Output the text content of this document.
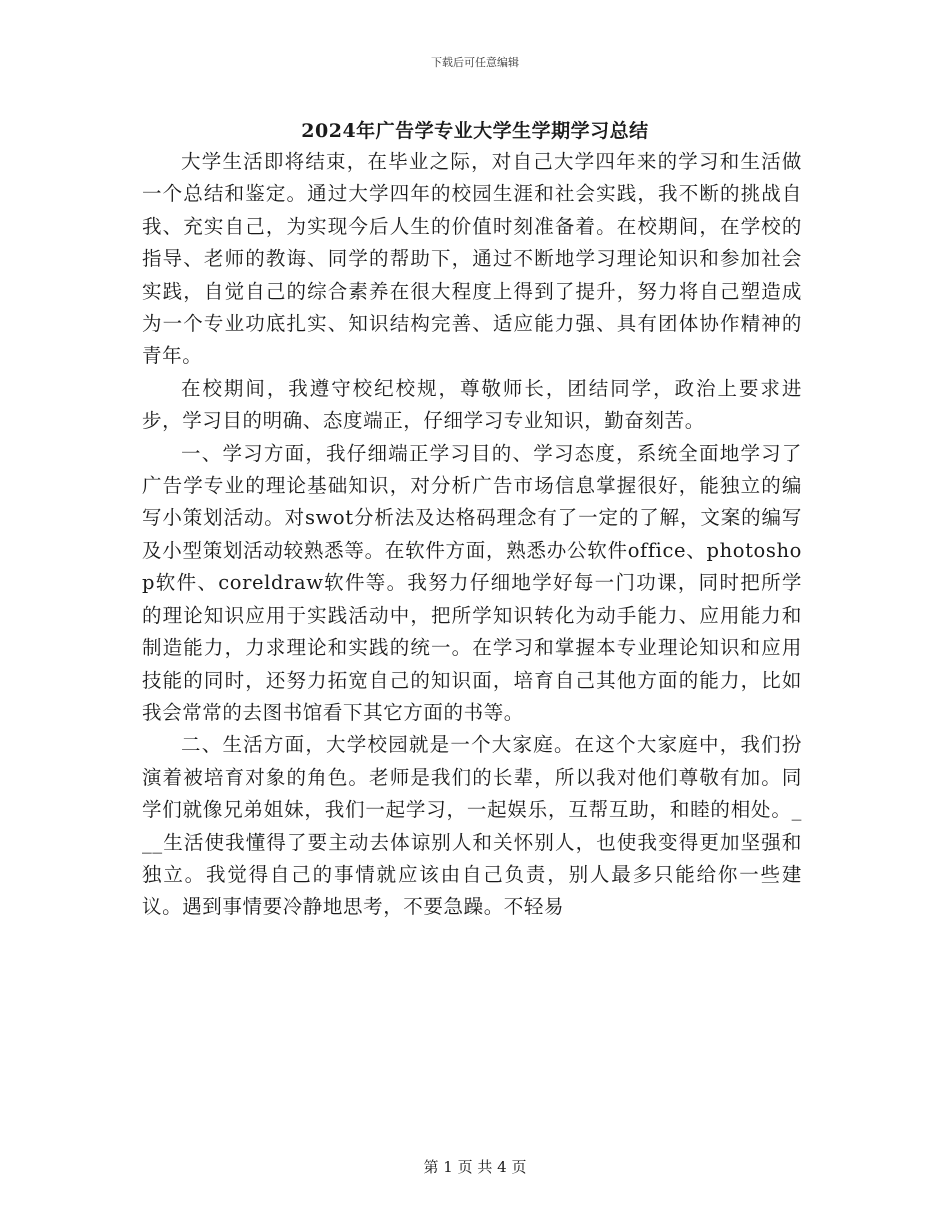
下载后可任意编辑
2024年广告学专业大学生学期学习总结

大学生活即将结束，在毕业之际，对自己大学四年来的学习和生活做一个总结和鉴定。通过大学四年的校园生涯和社会实践，我不断的挑战自我、充实自己，为实现今后人生的价值时刻准备着。在校期间，在学校的指导、老师的教诲、同学的帮助下，通过不断地学习理论知识和参加社会实践，自觉自己的综合素养在很大程度上得到了提升，努力将自己塑造成为一个专业功底扎实、知识结构完善、适应能力强、具有团体协作精神的青年。

在校期间，我遵守校纪校规，尊敬师长，团结同学，政治上要求进步，学习目的明确、态度端正，仔细学习专业知识，勤奋刻苦。

一、学习方面，我仔细端正学习目的、学习态度，系统全面地学习了广告学专业的理论基础知识，对分析广告市场信息掌握很好，能独立的编写小策划活动。对swot分析法及达格码理念有了一定的了解，文案的编写及小型策划活动较熟悉等。在软件方面，熟悉办公软件office、photoshop软件、coreldraw软件等。我努力仔细地学好每一门功课，同时把所学的理论知识应用于实践活动中，把所学知识转化为动手能力、应用能力和制造能力，力求理论和实践的统一。在学习和掌握本专业理论知识和应用技能的同时，还努力拓宽自己的知识面，培育自己其他方面的能力，比如我会常常的去图书馆看下其它方面的书等。

二、生活方面，大学校园就是一个大家庭。在这个大家庭中，我们扮演着被培育对象的角色。老师是我们的长辈，所以我对他们尊敬有加。同学们就像兄弟姐妹，我们一起学习，一起娱乐，互帮互助，和睦的相处。___生活使我懂得了要主动去体谅别人和关怀别人，也使我变得更加坚强和独立。我觉得自己的事情就应该由自己负责，别人最多只能给你一些建议。遇到事情要冷静地思考，不要急躁。不轻易

第 1 页 共 4 页
